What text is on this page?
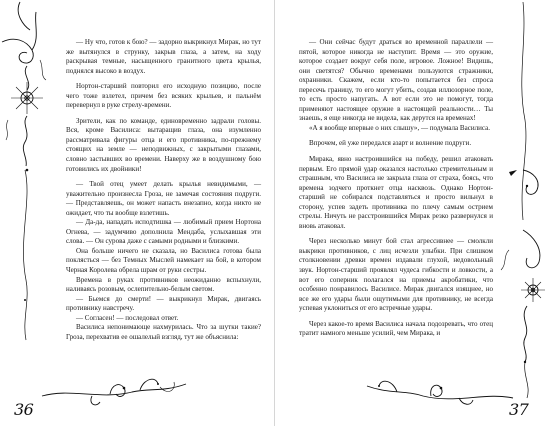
— Ну что, готов к бою? — задорно выкрикнул Мирак, но тут же вытянулся в струнку, закрыв глаза, а затем, на ходу раскрывая темные, насыщенного гранитного цвета крылья, поднялся высоко в воздух.

Нортон-старший повторил его исходную позицию, после чего тоже взлетел, причем без всяких крыльев, и пальнём перевернул в руке стрелу-времени.

Зрители, как по команде, единовременно задрали головы. Вся, кроме Василиса: вытаращив глаза, она изумленно рассматривала фигуры отца и его противника, по-прежнему стоящих на земле — неподвижных, с закрытыми глазами, словно застывших во времени. Наверху же в воздушному бою готовились их двойники!

— Твой отец умеет делать крылья невидимыми, — уважительно произнесла Гроза, не замечая состояния подруги. — Представляешь, он может напасть внезапно, когда никто не ожидает, что ты вообще взлетишь.

— Да-да, нападать исподтишка — любимый прием Нортона Огнева, — задумчиво дополнила Мендаба, услыхавшая эти слова. — Он сурова даже с самыми родными и близкими.

Она больше ничего не сказала, но Василиса готова была поклясться — без Темных Мыслей намекает на бой, в котором Черная Королева обрела шрам от руки сестры.

Времена в руках противников неожиданно вспыхнули, наливаясь розовым, ослепительно-белым светом.

— Бьемся до смерти! — выкрикнул Мирак, двигаясь противнику навстречу.

— Согласен! — последовал ответ.

Василиса непонимающе нахмурилась. Что за шутки такие? Гроза, перехватив ее ошалелый взгляд, тут же объяснила:

36

— Они сейчас будут драться во временной параллели — пятой, которое никогда не наступит. Время — это оружие, которое создает вокруг себя поле, игровое. Ложное! Видишь, они светятся? Обычно временами пользуются стражники, охранники. Скажем, если кто-то попытается без спроса пересечь границу, то его могут убить, создав иллюзорное поле, то есть просто напугать. А вот если это не помогут, тогда применяют настоящее оружие в настоящей реальности… Ты знаешь, я еще никогда не видела, как дерутся на временах!

«А я вообще впервые о них слышу», — подумала Василиса.

Впрочем, ей уже передался азарт и волнение подруги.

Мирака, явно настроившийся на победу, решил атаковать первым. Его прямой удар оказался настолько стремительным и страшным, что Василиса не закрыла глаза от страха, боясь, что времена зодчего проткнет отца насквозь. Однако Нортон-старший не собирался подставляться и просто вильнул в сторону, успев задеть противника по плечу самым острием стрелы. Ничуть не расстроившийся Мирак резко развернулся и вновь атаковал.

Через несколько минут бой стал агрессивнее — смолкли выкрики противников, с лиц исчезли улыбки. При слишком столкновении древки времен издавали глухой, недовольный звук. Нортон-старший проявлял чудеса гибкости и ловкости, а вот его соперник полагался на приемы акробатики, что особенно понравилось Василисе. Мирак двигался изящнее, но все же его удары были ощутимыми для противнику, не всегда успевая уклониться от его встречные удары.

Через какое-то время Василиса начала подозревать, что отец тратит намного меньше усилий, чем Мирака, и

37
